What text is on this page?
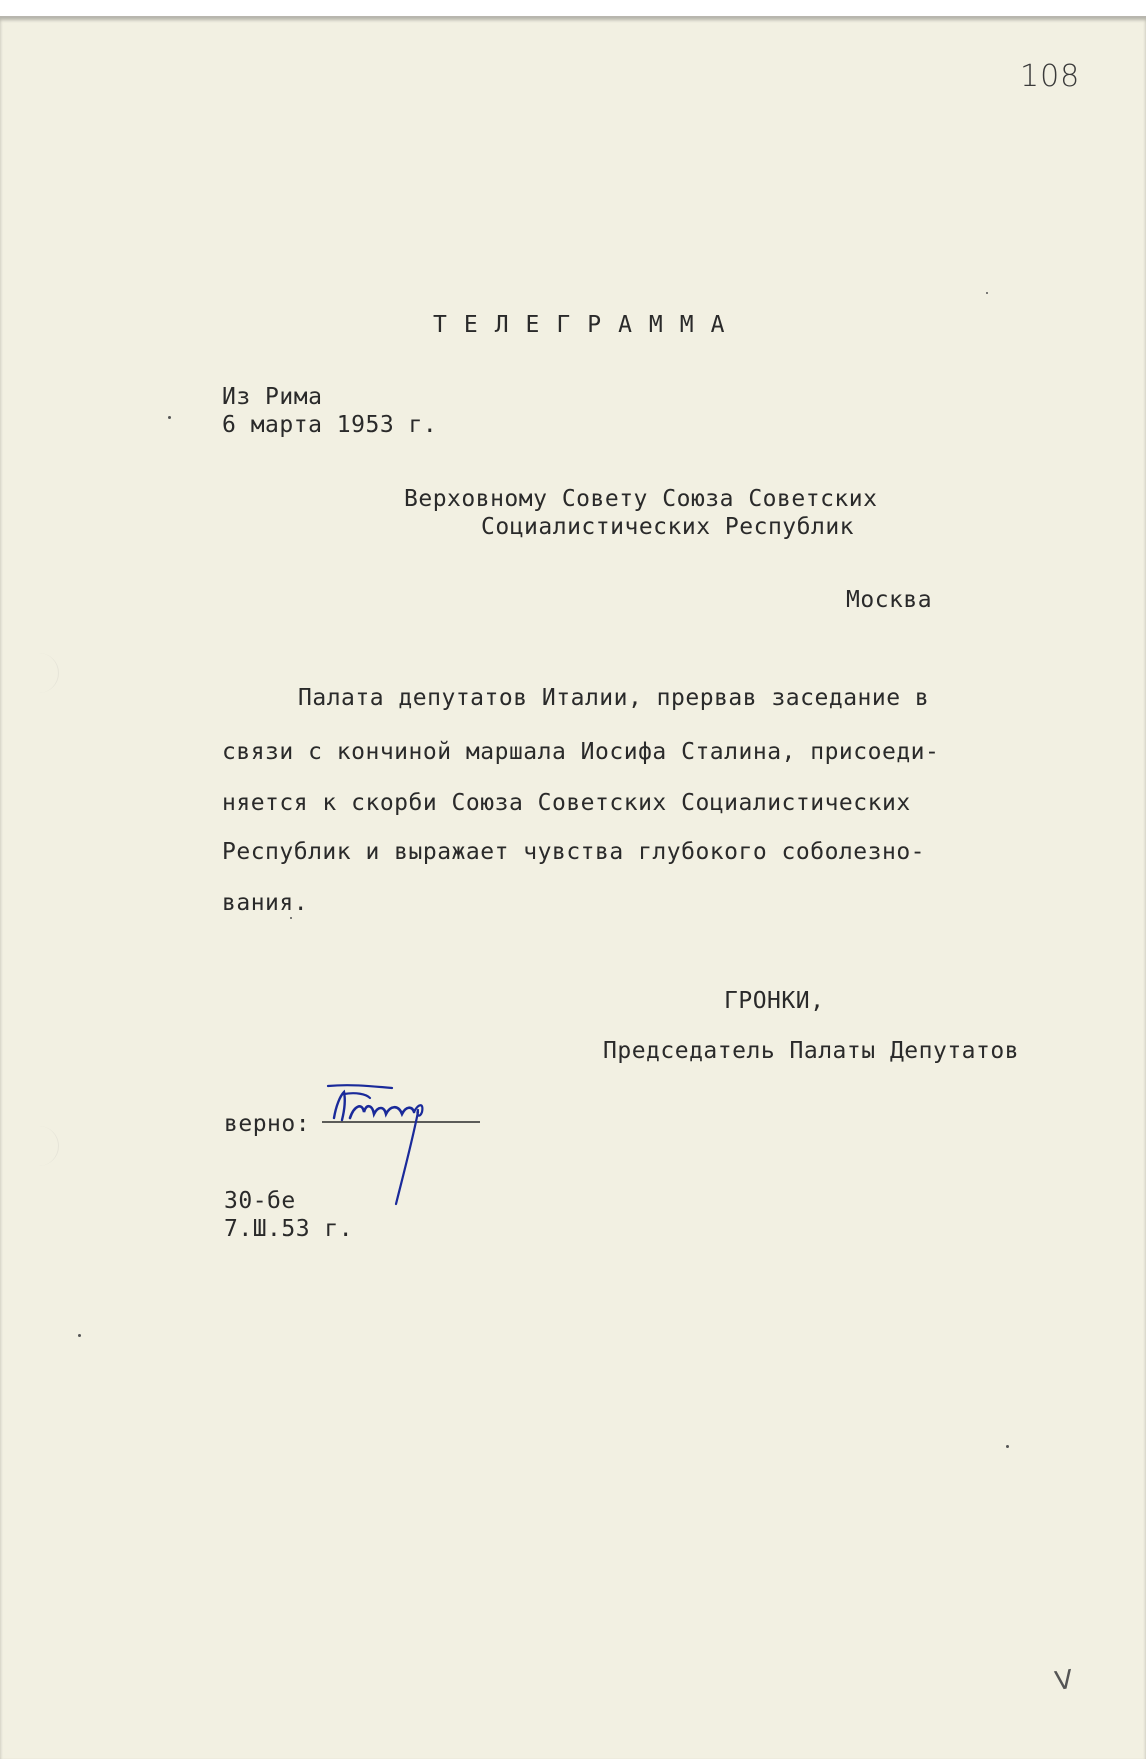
108
ТЕЛЕГРАММА
Из Рима
6 марта 1953 г.
Верховному Совету Союза Советских
Социалистических Республик
Москва
Палата депутатов Италии, прервав заседание в
связи с кончиной маршала Иосифа Сталина, присоеди-
няется к скорби Союза Советских Социалистических
Республик и выражает чувства глубокого соболезно-
вания.
ГРОНКИ,
Председатель Палаты Депутатов
верно:
30-бе
7.Ш.53 г.
V
